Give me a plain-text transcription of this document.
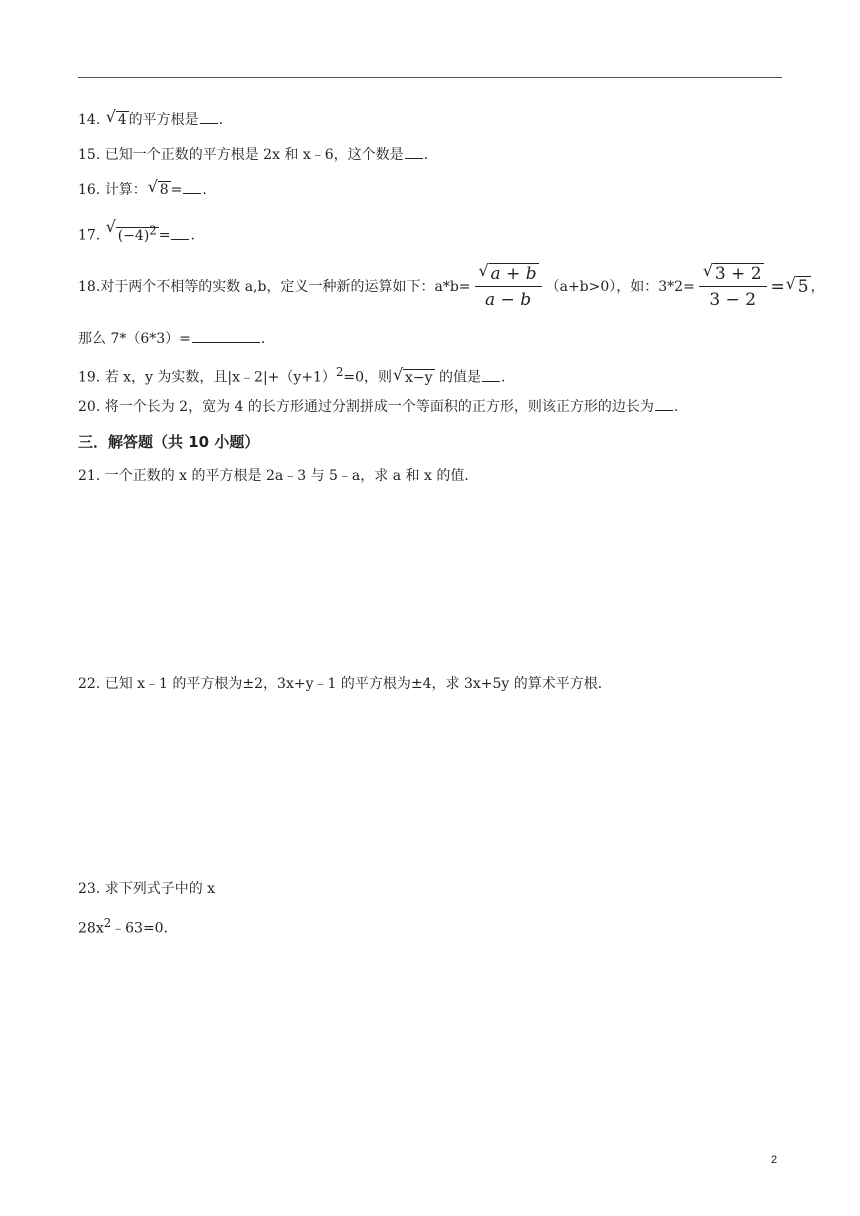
14. √ 4 的平方根是 .
15. 已知一个正数的平方根是 2x 和 x﹣6，这个数是 .
16. 计算： √ 8 = .
17. √ $(-4)^2$ = .
18.对于两个不相等的实数 a,b，定义一种新的运算如下：$a*b= \frac{√ a + b}{a - b} (a+b>0)$，如：$3*2= \frac{√ 3 + 2}{3 - 2}$ = √ 5 ，
那么 7*（6*3）=	.
19. 若 x，y 为实数，且$|x﹣2|+(y+1)^2=0$，则 √ x−y 的值是 .
20. 将一个长为 2，宽为 4 的长方形通过分割拼成一个等面积的正方形，则该正方形的边长为 .
三．解答题（共 10 小题）
21. 一个正数的 x 的平方根是 2a﹣3 与 5﹣a，求 a 和 x 的值．
22. 已知 x﹣1 的平方根为±2，3x+y﹣1 的平方根为±4，求 3x+5y 的算术平方根．
23. 求下列式子中的 x
$28x^2﹣63=0$．
2
